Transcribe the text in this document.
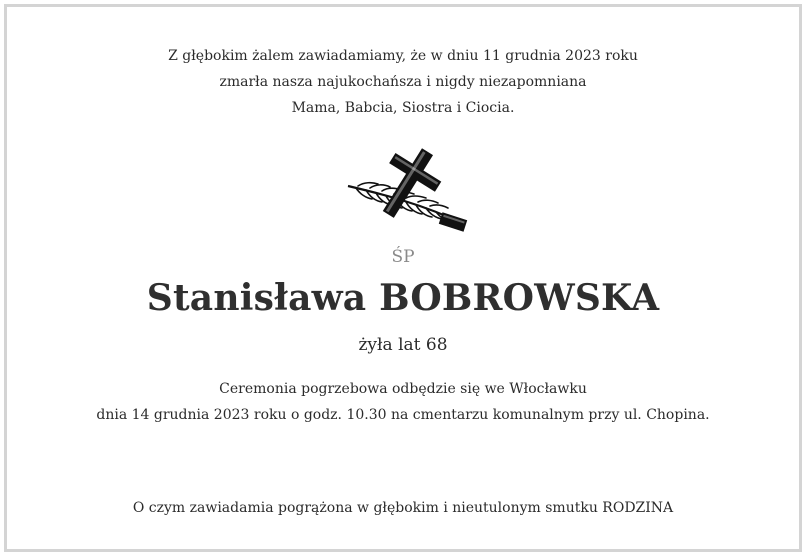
Z głębokim żalem zawiadamiamy, że w dniu 11 grudnia 2023 roku
zmarła nasza najukochańsza i nigdy niezapomniana
Mama, Babcia, Siostra i Ciocia.
ŚP
Stanisława BOBROWSKA
żyła lat 68
Ceremonia pogrzebowa odbędzie się we Włocławku
dnia 14 grudnia 2023 roku o godz. 10.30 na cmentarzu komunalnym przy ul. Chopina.
O czym zawiadamia pogrążona w głębokim i nieutulonym smutku RODZINA
